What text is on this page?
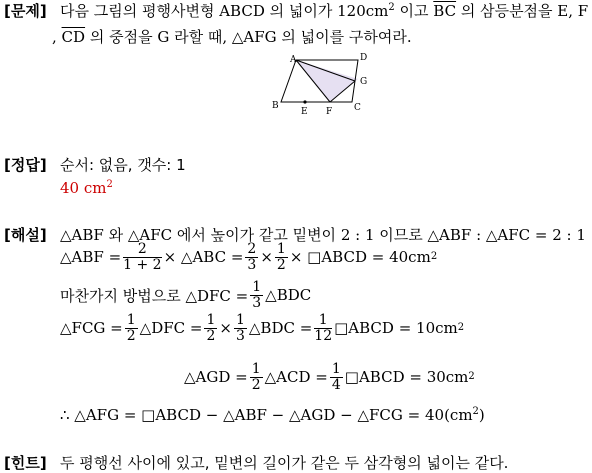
[문제] 다음 그림의 평행사변형 ABCD 의 넓이가 $120cm^2$ 이고 $\overline{BC}$ 의 삼등분점을 E, F
, $\overline{CD}$ 의 중점을 G 라할 때, △AFG 의 넓이를 구하여라.
A	D
G
B
E F C
[정답] 순서: 없음, 갯수: 1
40 $cm^2$
[해설] △ABF 와 △AFC 에서 높이가 같고 밑변이 2 : 1 이므로 △ABF : △AFC = 2 : 1
△ABF = $\frac{2}{1 + 2}$ × △ABC = $\frac{2}{3} \times \frac{1}{2}$ × □ABCD = 40cm 2
마찬가지 방법으로 △DFC = $\frac{1}{3}$ △BDC
△FCG = $\frac{1}{2}$ △DFC = $\frac{1}{2} \times \frac{1}{3}$ △BDC = $\frac{1}{12}$ □ABCD = 10cm 2
△AGD = $\frac{1}{2}$ △ACD = $\frac{1}{4}$ □ABCD = 30cm 2
∴ △AFG = □ABCD − △ABF − △AGD − △FCG = $40(cm^2)$
[힌트] 두 평행선 사이에 있고, 밑변의 길이가 같은 두 삼각형의 넓이는 같다.
